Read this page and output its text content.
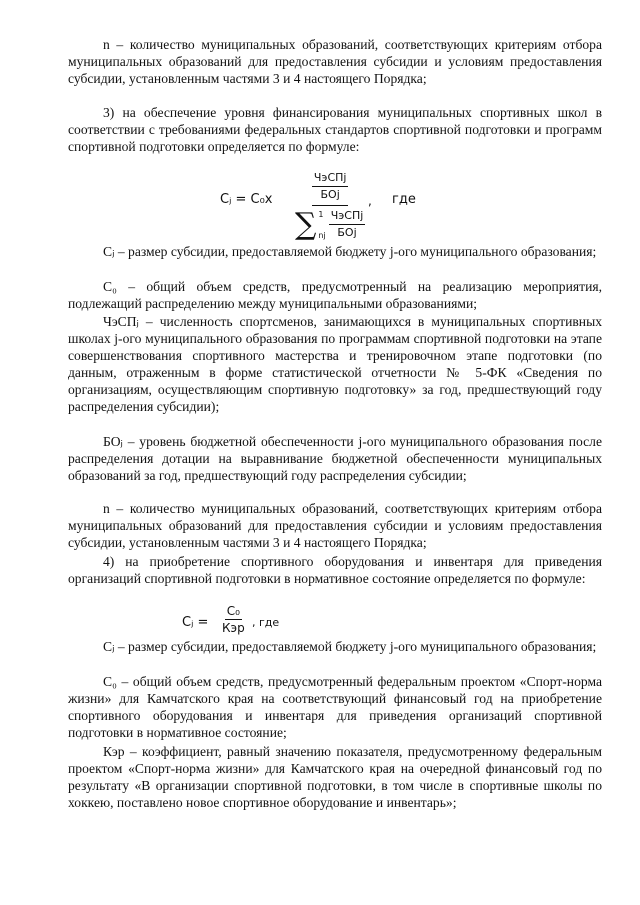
n – количество муниципальных образований, соответствующих критериям отбора муниципальных образований для предоставления субсидии и условиям предоставления субсидии, установленным частями 3 и 4 настоящего Порядка;

3) на обеспечение уровня финансирования муниципальных спортивных школ в соответствии с требованиями федеральных стандартов спортивной подготовки и программ спортивной подготовки определяется по формуле:

Cⱼ = C₀x	$\frac{\text{ЧэСПj}}{\text{БОj}}$
∑ 1
nj $\frac{\text{ЧэСПj}}{\text{БОj}}$
, где

Cⱼ – размер субсидии, предоставляемой бюджету j-ого муниципального образования;

C₀ – общий объем средств, предусмотренный на реализацию мероприятия, подлежащий распределению между муниципальными образованиями;

ЧэСПⱼ – численность спортсменов, занимающихся в муниципальных спортивных школах j-ого муниципального образования по программам спортивной подготовки на этапе совершенствования спортивного мастерства и тренировочном этапе подготовки (по данным, отраженным в форме статистической отчетности № 5-ФК «Сведения по организациям, осуществляющим спортивную подготовку» за год, предшествующий году распределения субсидии);

БОⱼ – уровень бюджетной обеспеченности j-ого муниципального образования после распределения дотации на выравнивание бюджетной обеспеченности муниципальных образований за год, предшествующий году распределения субсидии;

n – количество муниципальных образований, соответствующих критериям отбора муниципальных образований для предоставления субсидии и условиям предоставления субсидии, установленным частями 3 и 4 настоящего Порядка;

4) на приобретение спортивного оборудования и инвентаря для приведения организаций спортивной подготовки в нормативное состояние определяется по формуле:

Cⱼ =
C₀
Кэр , где

Cⱼ – размер субсидии, предоставляемой бюджету j-ого муниципального образования;

C₀ – общий объем средств, предусмотренный федеральным проектом «Спорт-норма жизни» для Камчатского края на соответствующий финансовый год на приобретение спортивного оборудования и инвентаря для приведения организаций спортивной подготовки в нормативное состояние;

Кэр – коэффициент, равный значению показателя, предусмотренному федеральным проектом «Спорт-норма жизни» для Камчатского края на очередной финансовый год по результату «В организации спортивной подготовки, в том числе в спортивные школы по хоккею, поставлено новое спортивное оборудование и инвентарь»;
